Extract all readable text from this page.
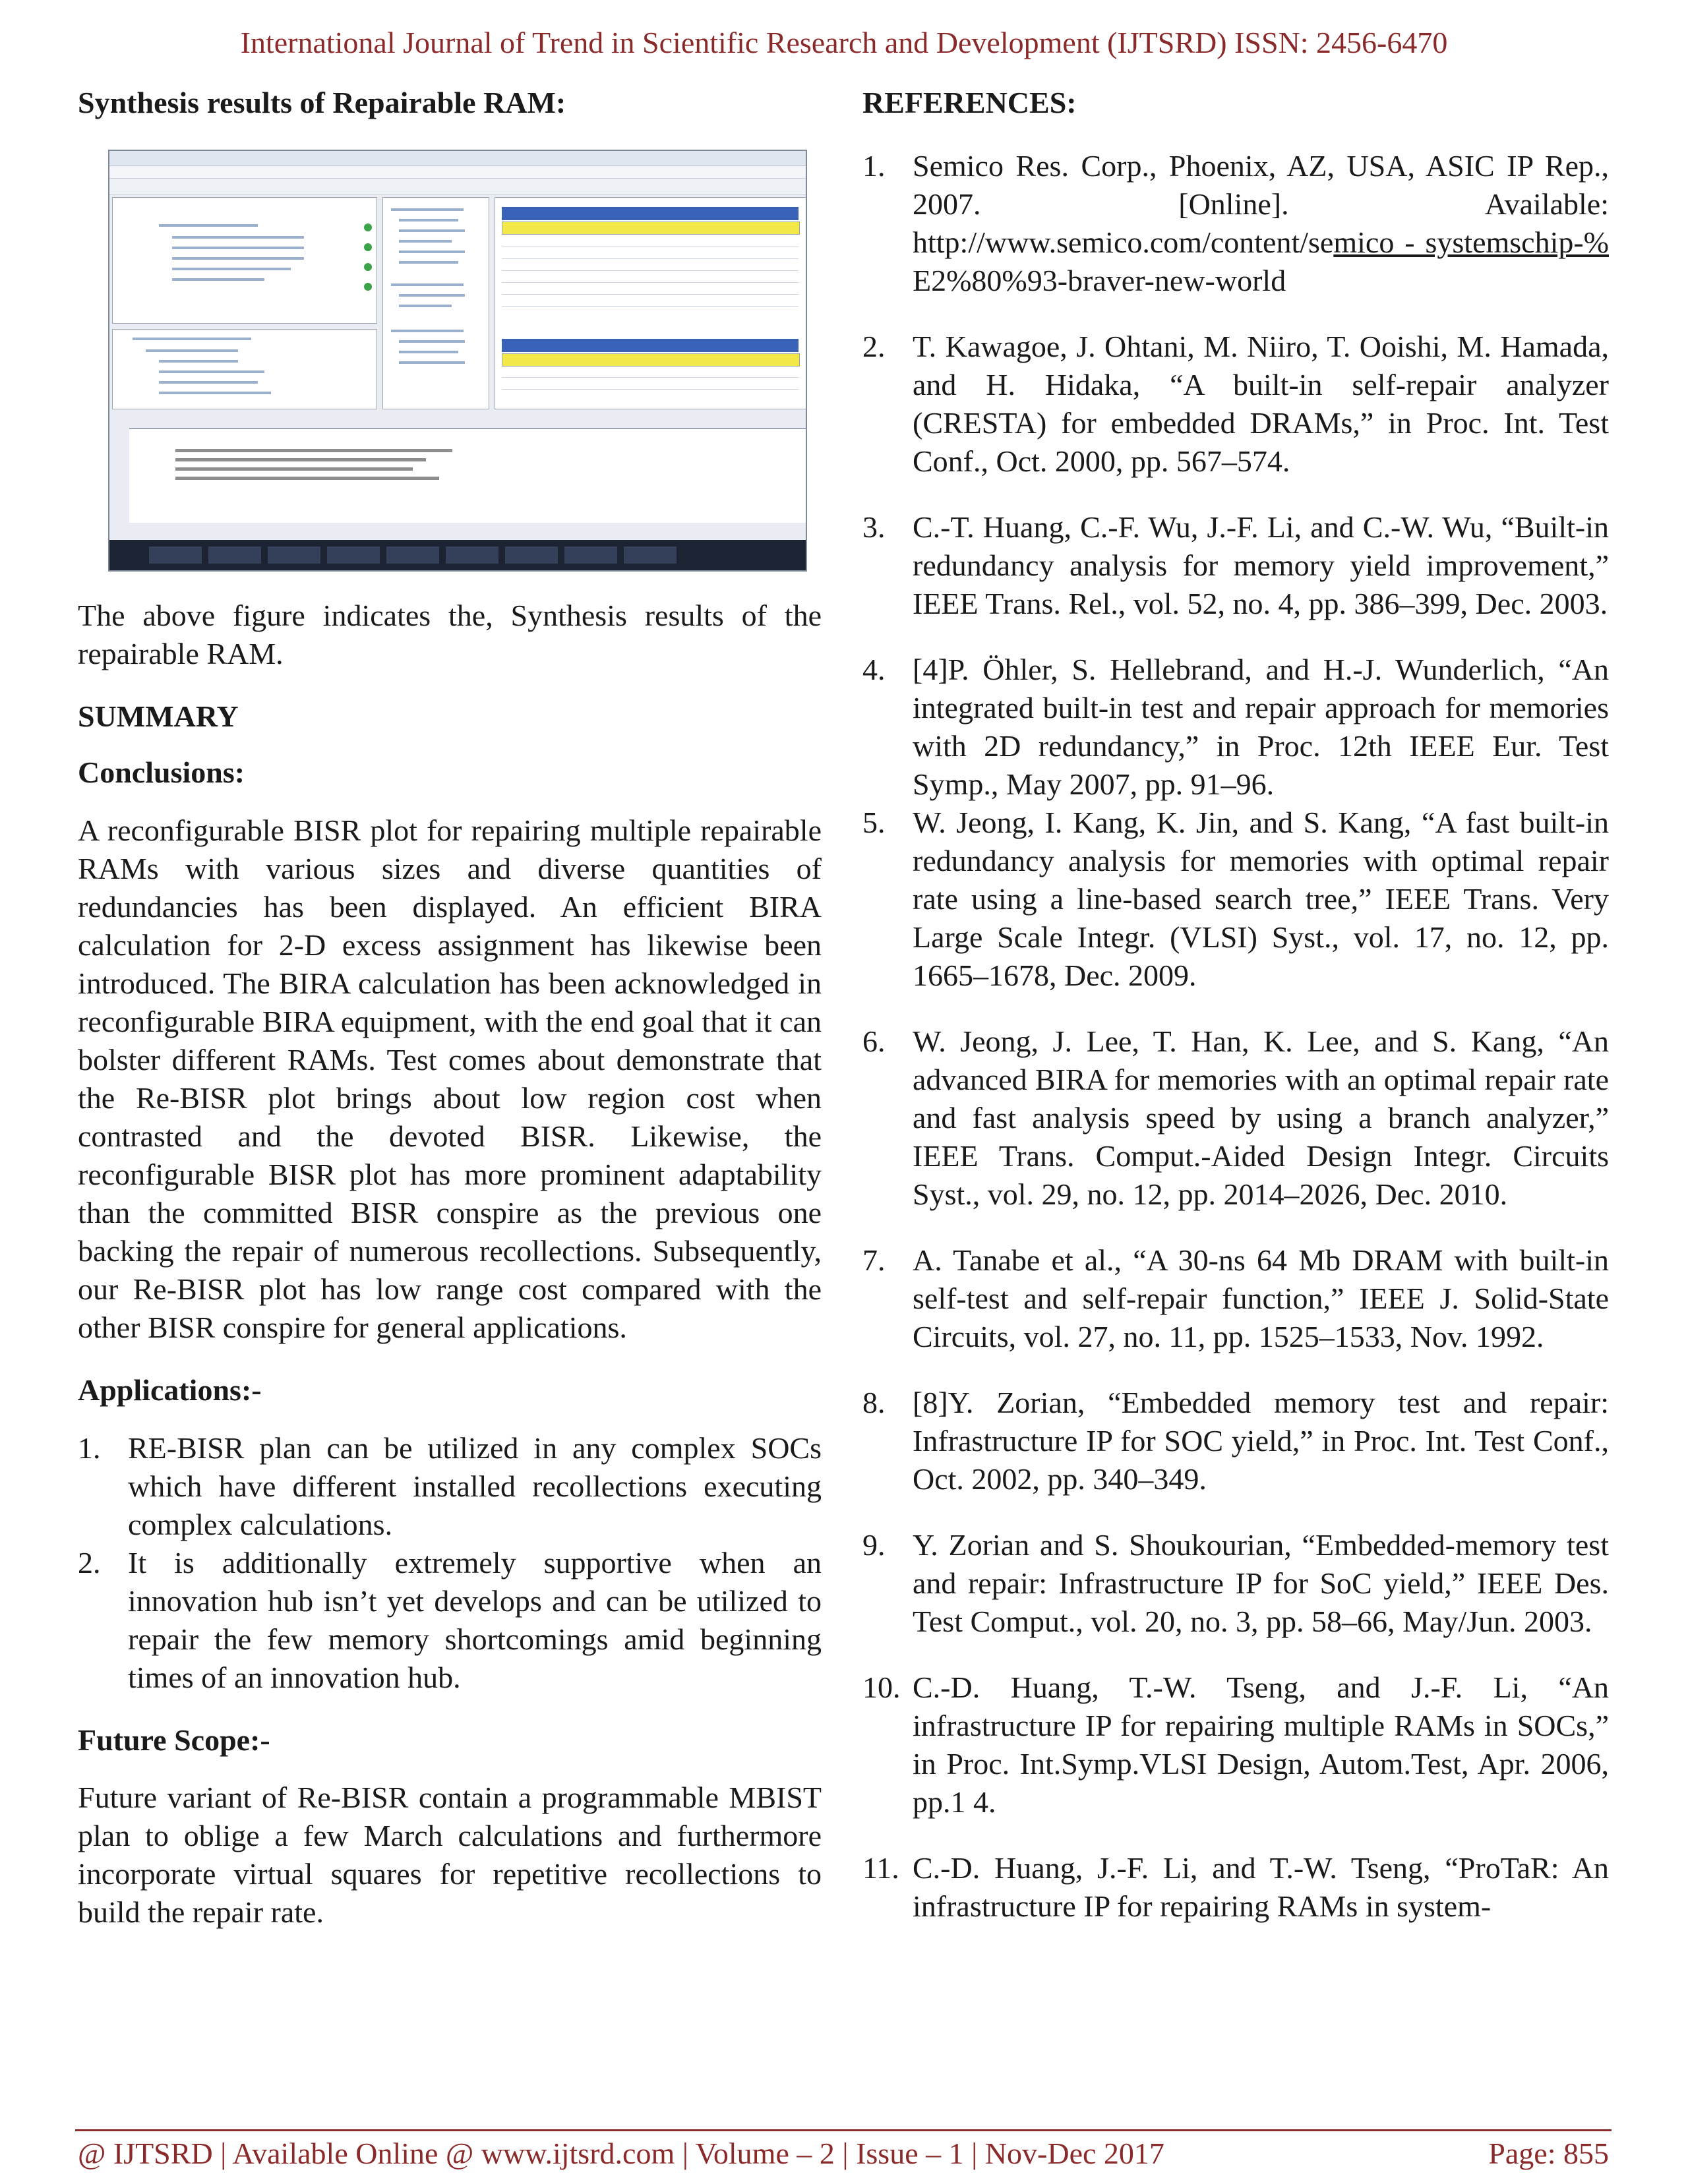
International Journal of Trend in Scientific Research and Development (IJTSRD) ISSN: 2456-6470
Synthesis results of Repairable RAM:
The above figure indicates the, Synthesis results of the repairable RAM.
SUMMARY
Conclusions:
A reconfigurable BISR plot for repairing multiple repairable RAMs with various sizes and diverse quantities of redundancies has been displayed. An efficient BIRA calculation for 2-D excess assignment has likewise been introduced. The BIRA calculation has been acknowledged in reconfigurable BIRA equipment, with the end goal that it can bolster different RAMs. Test comes about demonstrate that the Re-BISR plot brings about low region cost when contrasted and the devoted BISR. Likewise, the reconfigurable BISR plot has more prominent adaptability than the committed BISR conspire as the previous one backing the repair of numerous recollections. Subsequently, our Re-BISR plot has low range cost compared with the other BISR conspire for general applications.
Applications:-
1. RE-BISR plan can be utilized in any complex SOCs which have different installed recollections executing complex calculations.
2. It is additionally extremely supportive when an innovation hub isn’t yet develops and can be utilized to repair the few memory shortcomings amid beginning times of an innovation hub.
Future Scope:-
Future variant of Re-BISR contain a programmable MBIST plan to oblige a few March calculations and furthermore incorporate virtual squares for repetitive recollections to build the repair rate.
REFERENCES:
1. Semico Res. Corp., Phoenix, AZ, USA, ASIC IP Rep., 2007. [Online]. Available: http://www.semico.com/content/semico - systemschip-% E2%80%93-braver-new-world
2. T. Kawagoe, J. Ohtani, M. Niiro, T. Ooishi, M. Hamada, and H. Hidaka, “A built-in self-repair analyzer (CRESTA) for embedded DRAMs,” in Proc. Int. Test Conf., Oct. 2000, pp. 567–574.
3. C.-T. Huang, C.-F. Wu, J.-F. Li, and C.-W. Wu, “Built-in redundancy analysis for memory yield improvement,” IEEE Trans. Rel., vol. 52, no. 4, pp. 386–399, Dec. 2003.
4. [4]P. Öhler, S. Hellebrand, and H.-J. Wunderlich, “An integrated built-in test and repair approach for memories with 2D redundancy,” in Proc. 12th IEEE Eur. Test Symp., May 2007, pp. 91–96.
5. W. Jeong, I. Kang, K. Jin, and S. Kang, “A fast built-in redundancy analysis for memories with optimal repair rate using a line-based search tree,” IEEE Trans. Very Large Scale Integr. (VLSI) Syst., vol. 17, no. 12, pp. 1665–1678, Dec. 2009.
6. W. Jeong, J. Lee, T. Han, K. Lee, and S. Kang, “An advanced BIRA for memories with an optimal repair rate and fast analysis speed by using a branch analyzer,” IEEE Trans. Comput.-Aided Design Integr. Circuits Syst., vol. 29, no. 12, pp. 2014–2026, Dec. 2010.
7. A. Tanabe et al., “A 30-ns 64 Mb DRAM with built-in self-test and self-repair function,” IEEE J. Solid-State Circuits, vol. 27, no. 11, pp. 1525–1533, Nov. 1992.
8. [8]Y. Zorian, “Embedded memory test and repair: Infrastructure IP for SOC yield,” in Proc. Int. Test Conf., Oct. 2002, pp. 340–349.
9. Y. Zorian and S. Shoukourian, “Embedded-memory test and repair: Infrastructure IP for SoC yield,” IEEE Des. Test Comput., vol. 20, no. 3, pp. 58–66, May/Jun. 2003.
10. C.-D. Huang, T.-W. Tseng, and J.-F. Li, “An infrastructure IP for repairing multiple RAMs in SOCs,” in Proc. Int.Symp.VLSI Design, Autom.Test, Apr. 2006, pp.1 4.
11. C.-D. Huang, J.-F. Li, and T.-W. Tseng, “ProTaR: An infrastructure IP for repairing RAMs in system-
@ IJTSRD | Available Online @ www.ijtsrd.com | Volume – 2 | Issue – 1 | Nov-Dec 2017	Page: 855
